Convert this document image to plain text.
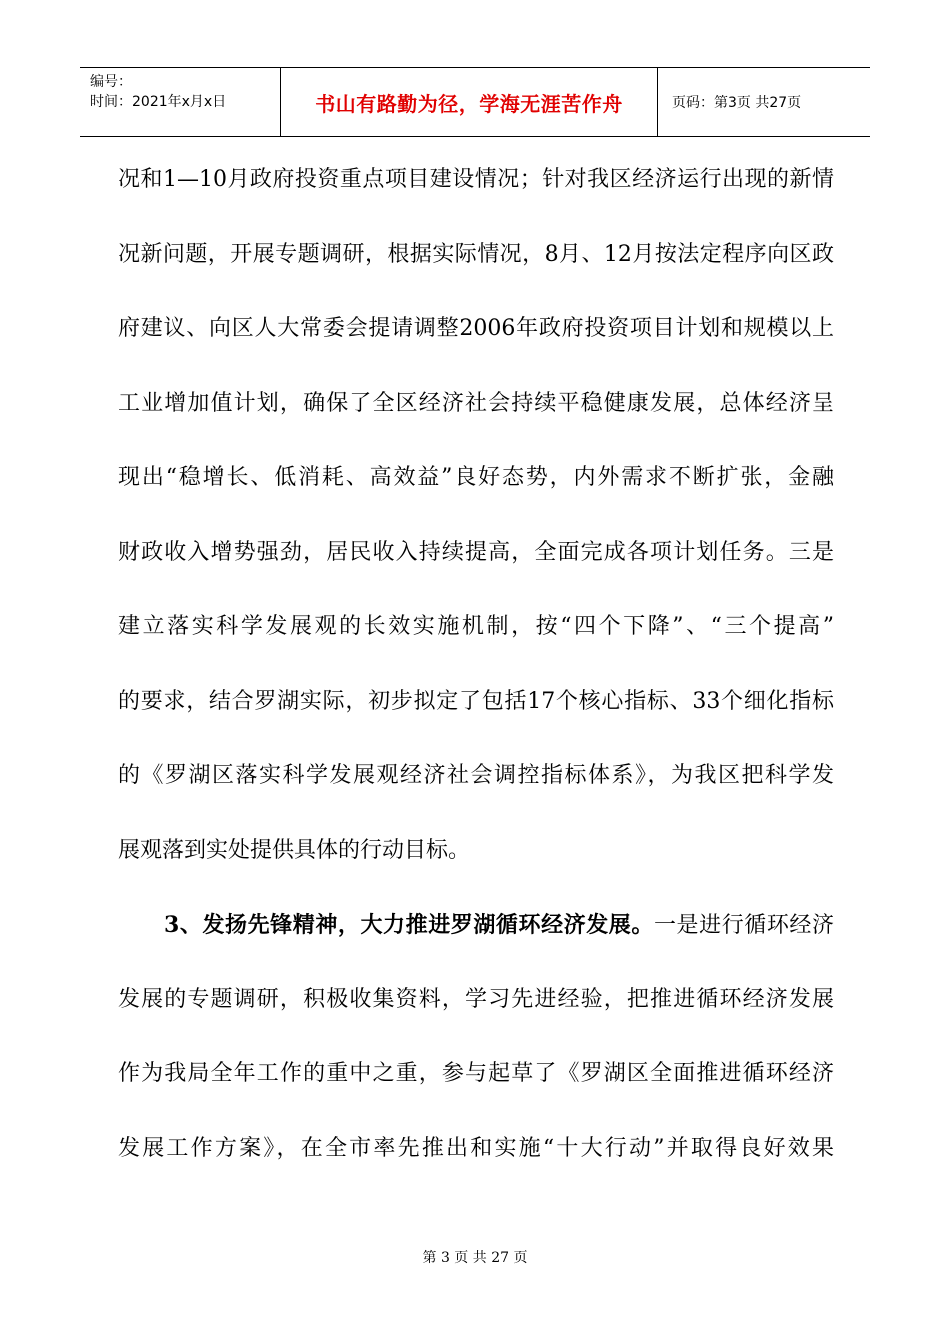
编号：
时间：2021年x月x日	书山有路勤为径，学海无涯苦作舟	页码：第3页 共27页
况和1—10月政府投资重点项目建设情况；针对我区经济运行出现的新情
况新问题，开展专题调研，根据实际情况，8月、12月按法定程序向区政
府建议、向区人大常委会提请调整2006年政府投资项目计划和规模以上
工业增加值计划，确保了全区经济社会持续平稳健康发展，总体经济呈
现出“稳增长、低消耗、高效益”良好态势，内外需求不断扩张，金融
财政收入增势强劲，居民收入持续提高，全面完成各项计划任务。三是
建立落实科学发展观的长效实施机制，按“四个下降”、“三个提高”
的要求，结合罗湖实际，初步拟定了包括17个核心指标、33个细化指标
的《罗湖区落实科学发展观经济社会调控指标体系》，为我区把科学发
展观落到实处提供具体的行动目标。
3、发扬先锋精神，大力推进罗湖循环经济发展。一是进行循环经济
发展的专题调研，积极收集资料，学习先进经验，把推进循环经济发展
作为我局全年工作的重中之重，参与起草了《罗湖区全面推进循环经济
发展工作方案》，在全市率先推出和实施“十大行动”并取得良好效果
第 3 页 共 27 页
